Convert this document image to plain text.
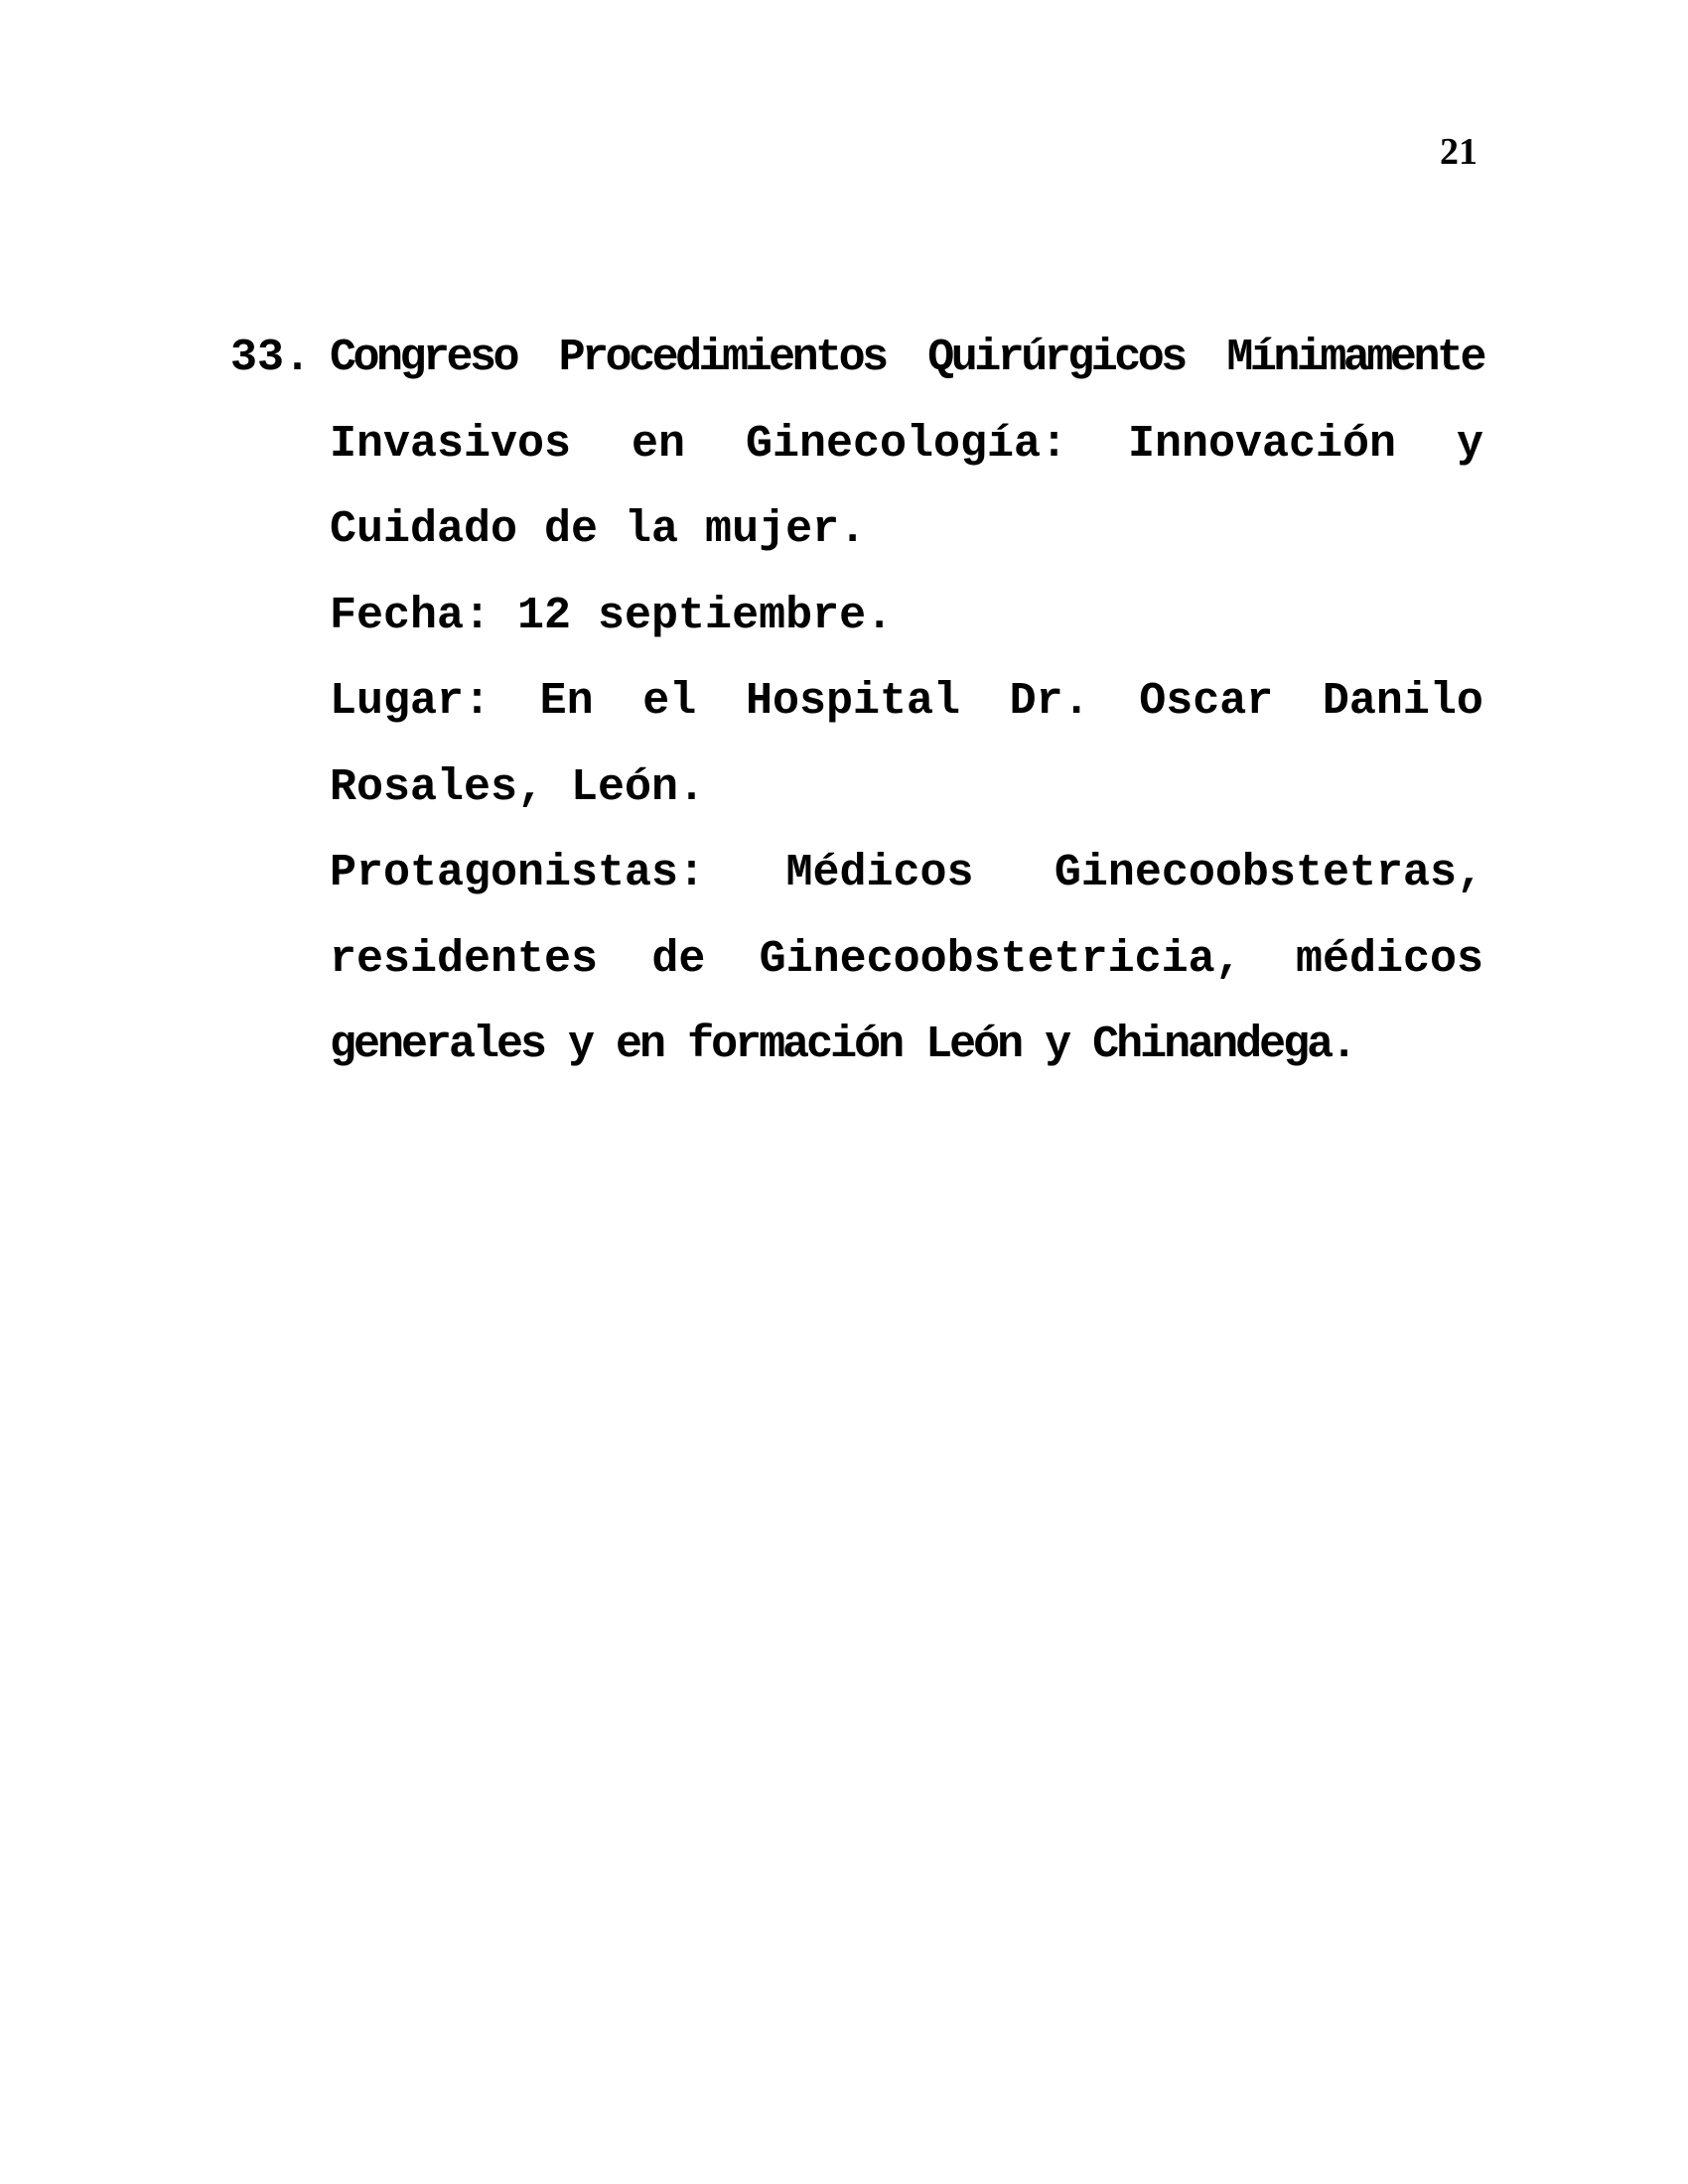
21
33. Congreso Procedimientos Quirúrgicos Mínimamente
Invasivos en Ginecología: Innovación y
Cuidado de la mujer.
Fecha: 12 septiembre.
Lugar: En el Hospital Dr. Oscar Danilo
Rosales, León.
Protagonistas: Médicos Ginecoobstetras,
residentes de Ginecoobstetricia, médicos
generales y en formación León y Chinandega.
